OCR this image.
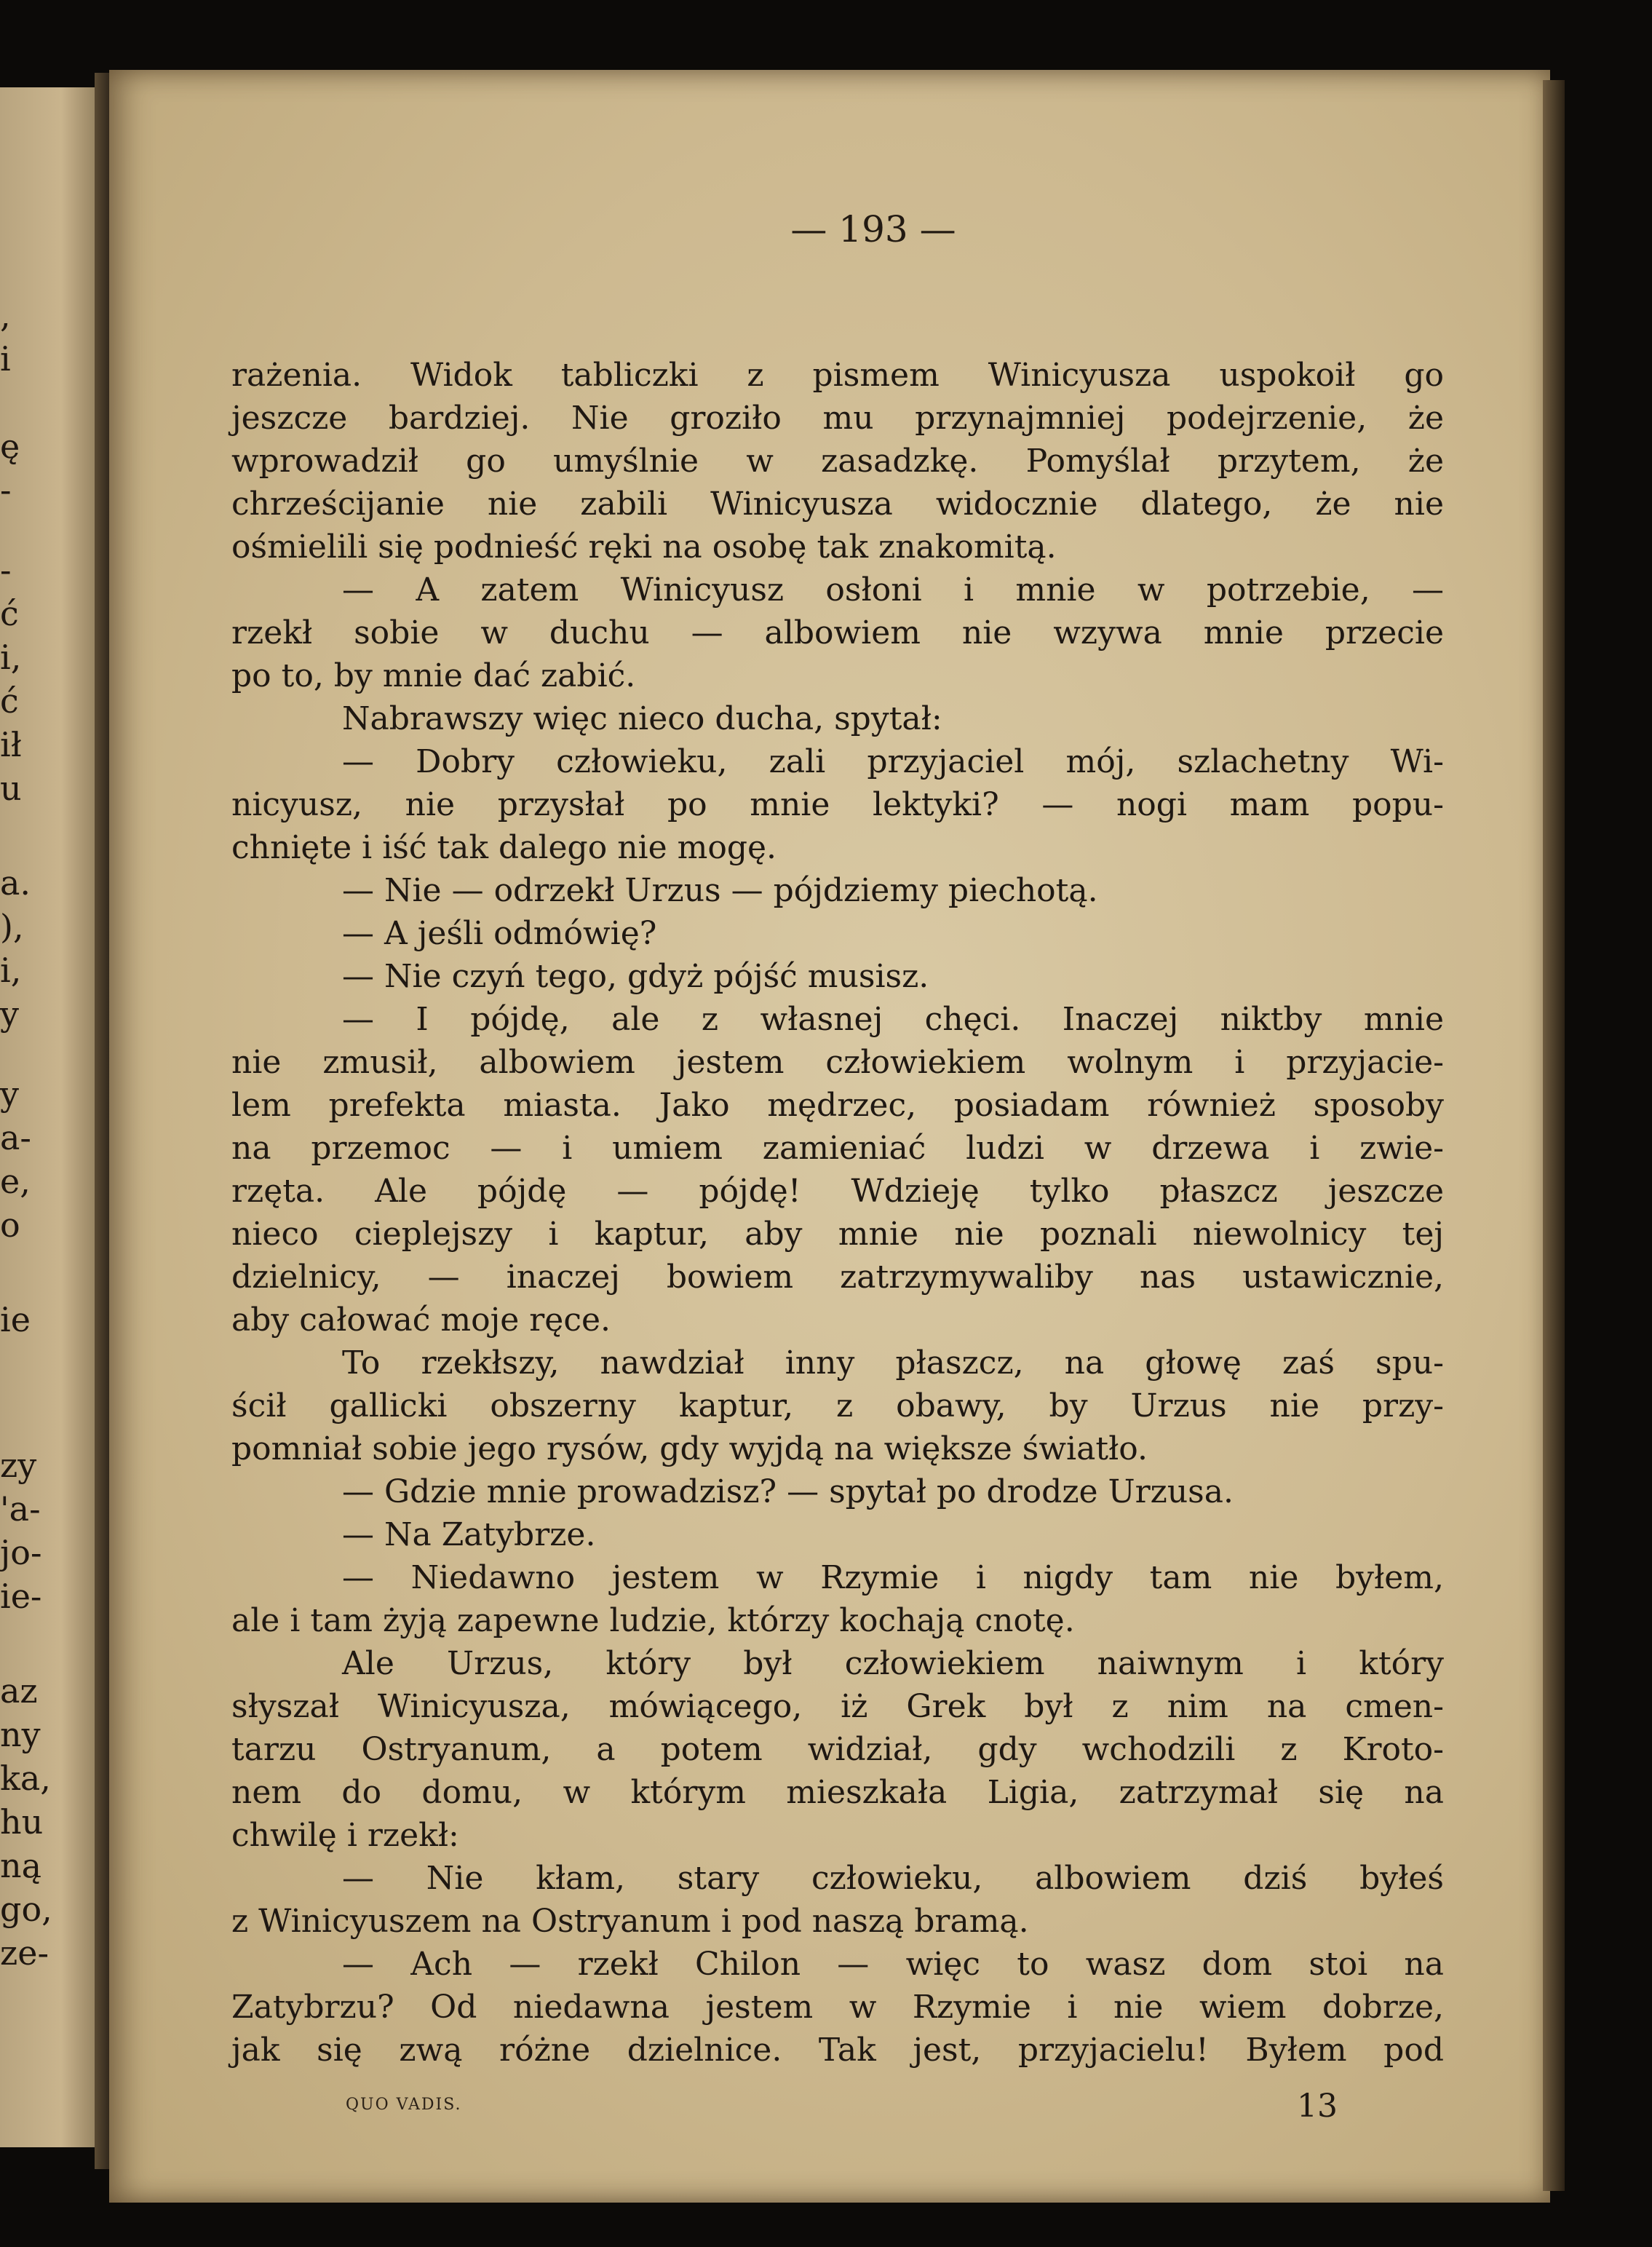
— 193 —
rażenia. Widok tabliczki z pismem Winicyusza uspokoił go
jeszcze bardziej. Nie groziło mu przynajmniej podejrzenie, że
wprowadził go umyślnie w zasadzkę. Pomyślał przytem, że
chrześcijanie nie zabili Winicyusza widocznie dlatego, że nie
ośmielili się podnieść ręki na osobę tak znakomitą.
— A zatem Winicyusz osłoni i mnie w potrzebie, —
rzekł sobie w duchu — albowiem nie wzywa mnie przecie
po to, by mnie dać zabić.
Nabrawszy więc nieco ducha, spytał:
— Dobry człowieku, zali przyjaciel mój, szlachetny Wi-
nicyusz, nie przysłał po mnie lektyki? — nogi mam popu-
chnięte i iść tak dalego nie mogę.
— Nie — odrzekł Urzus — pójdziemy piechotą.
— A jeśli odmówię?
— Nie czyń tego, gdyż pójść musisz.
— I pójdę, ale z własnej chęci. Inaczej niktby mnie
nie zmusił, albowiem jestem człowiekiem wolnym i przyjacie-
lem prefekta miasta. Jako mędrzec, posiadam również sposoby
na przemoc — i umiem zamieniać ludzi w drzewa i zwie-
rzęta. Ale pójdę — pójdę! Wdzieję tylko płaszcz jeszcze
nieco cieplejszy i kaptur, aby mnie nie poznali niewolnicy tej
dzielnicy, — inaczej bowiem zatrzymywaliby nas ustawicznie,
aby całować moje ręce.
To rzekłszy, nawdział inny płaszcz, na głowę zaś spu-
ścił gallicki obszerny kaptur, z obawy, by Urzus nie przy-
pomniał sobie jego rysów, gdy wyjdą na większe światło.
— Gdzie mnie prowadzisz? — spytał po drodze Urzusa.
— Na Zatybrze.
— Niedawno jestem w Rzymie i nigdy tam nie byłem,
ale i tam żyją zapewne ludzie, którzy kochają cnotę.
Ale Urzus, który był człowiekiem naiwnym i który
słyszał Winicyusza, mówiącego, iż Grek był z nim na cmen-
tarzu Ostryanum, a potem widział, gdy wchodzili z Kroto-
nem do domu, w którym mieszkała Ligia, zatrzymał się na
chwilę i rzekł:
— Nie kłam, stary człowieku, albowiem dziś byłeś
z Winicyuszem na Ostryanum i pod naszą bramą.
— Ach — rzekł Chilon — więc to wasz dom stoi na
Zatybrzu? Od niedawna jestem w Rzymie i nie wiem dobrze,
jak się zwą różne dzielnice. Tak jest, przyjacielu! Byłem pod
QUO VADIS.	13
,
i
ę
-
-
ć
i,
ć
ił
u
a.
),
i,
y
y
a-
e,
o
ie
zy
'a-
jo-
ie-
az
ny
ka,
hu
ną
go,
ze-
